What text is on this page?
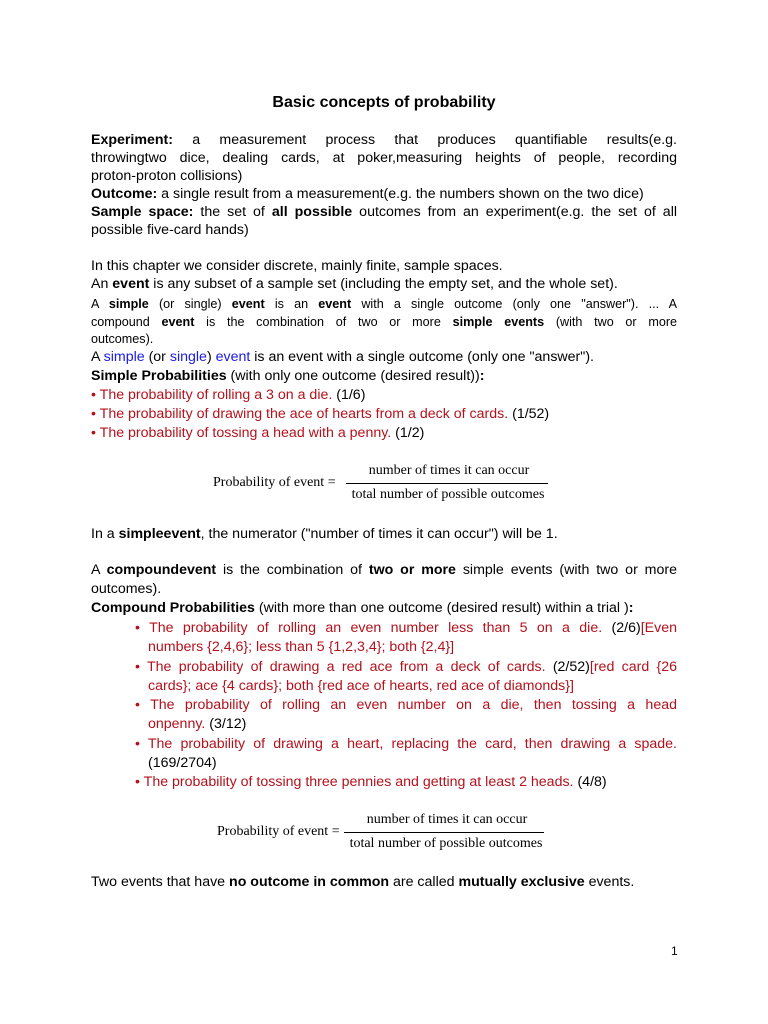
Basic concepts of probability
Experiment: a measurement process that produces quantifiable results(e.g.
throwingtwo dice, dealing cards, at poker,measuring heights of people, recording
proton-proton collisions)
Outcome: a single result from a measurement(e.g. the numbers shown on the two dice)
Sample space: the set of all possible outcomes from an experiment(e.g. the set of all
possible five-card hands)
In this chapter we consider discrete, mainly finite, sample spaces.
An event is any subset of a sample set (including the empty set, and the whole set).
A simple (or single) event is an event with a single outcome (only one "answer"). ... A
compound event is the combination of two or more simple events (with two or more
outcomes).
A simple (or single) event is an event with a single outcome (only one "answer").
Simple Probabilities (with only one outcome (desired result)):
• The probability of rolling a 3 on a die. (1/6)
• The probability of drawing the ace of hearts from a deck of cards. (1/52)
• The probability of tossing a head with a penny. (1/2)
Probability of event =
number of times it can occur
total number of possible outcomes
In a simpleevent, the numerator ("number of times it can occur") will be 1.
A compoundevent is the combination of two or more simple events (with two or more
outcomes).
Compound Probabilities (with more than one outcome (desired result) within a trial ):
• The probability of rolling an even number less than 5 on a die. (2/6)[Even
numbers {2,4,6}; less than 5 {1,2,3,4}; both {2,4}]
• The probability of drawing a red ace from a deck of cards. (2/52)[red card {26
cards}; ace {4 cards}; both {red ace of hearts, red ace of diamonds}]
• The probability of rolling an even number on a die, then tossing a head
onpenny. (3/12)
• The probability of drawing a heart, replacing the card, then drawing a spade.
(169/2704)
• The probability of tossing three pennies and getting at least 2 heads. (4/8)
Probability of event =
number of times it can occur
total number of possible outcomes
Two events that have no outcome in common are called mutually exclusive events.
1
